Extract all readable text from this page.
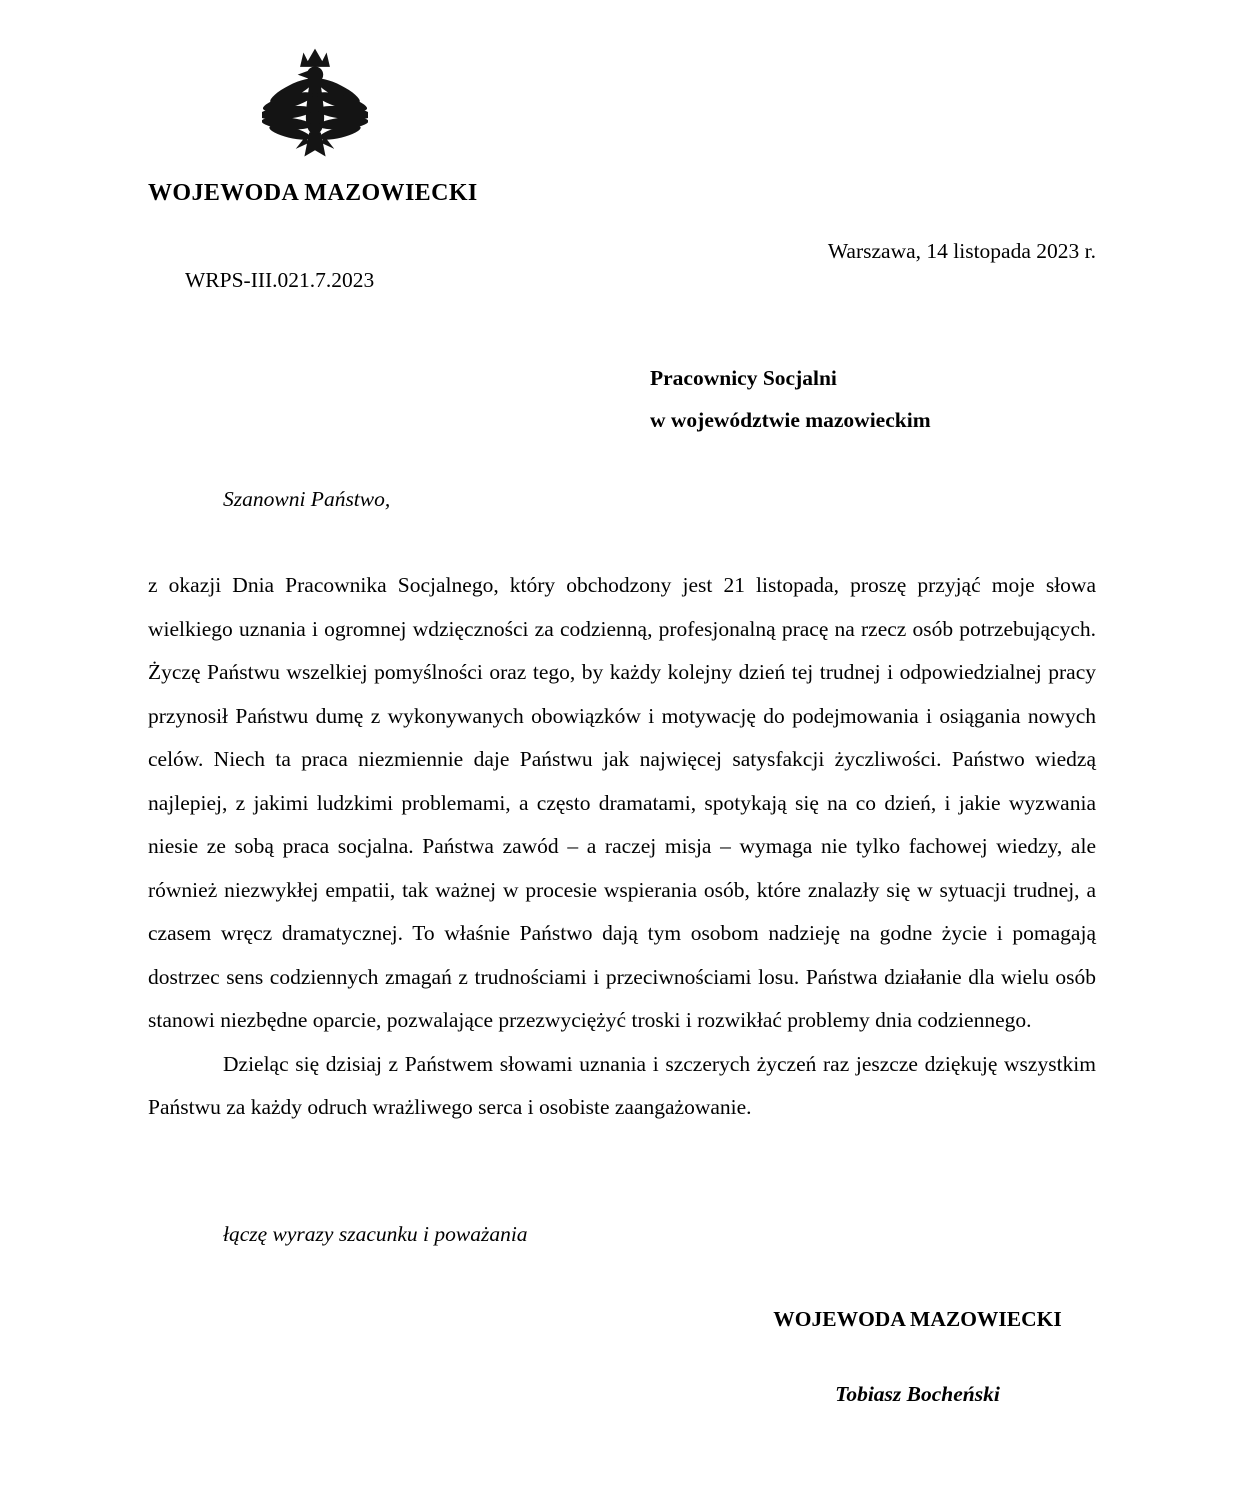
WOJEWODA MAZOWIECKI
Warszawa, 14 listopada 2023 r.
WRPS-III.021.7.2023
Pracownicy Socjalni
w województwie mazowieckim
Szanowni Państwo,

z okazji Dnia Pracownika Socjalnego, który obchodzony jest 21 listopada, proszę przyjąć moje słowa wielkiego uznania i ogromnej wdzięczności za codzienną, profesjonalną pracę na rzecz osób potrzebujących. Życzę Państwu wszelkiej pomyślności oraz tego, by każdy kolejny dzień tej trudnej i odpowiedzialnej pracy przynosił Państwu dumę z wykonywanych obowiązków i motywację do podejmowania i osiągania nowych celów. Niech ta praca niezmiennie daje Państwu jak najwięcej satysfakcji życzliwości. Państwo wiedzą najlepiej, z jakimi ludzkimi problemami, a często dramatami, spotykają się na co dzień, i jakie wyzwania niesie ze sobą praca socjalna. Państwa zawód – a raczej misja – wymaga nie tylko fachowej wiedzy, ale również niezwykłej empatii, tak ważnej w procesie wspierania osób, które znalazły się w sytuacji trudnej, a czasem wręcz dramatycznej. To właśnie Państwo dają tym osobom nadzieję na godne życie i pomagają dostrzec sens codziennych zmagań z trudnościami i przeciwnościami losu. Państwa działanie dla wielu osób stanowi niezbędne oparcie, pozwalające przezwyciężyć troski i rozwikłać problemy dnia codziennego.

Dzieląc się dzisiaj z Państwem słowami uznania i szczerych życzeń raz jeszcze dziękuję wszystkim Państwu za każdy odruch wrażliwego serca i osobiste zaangażowanie.

łączę wyrazy szacunku i poważania
WOJEWODA MAZOWIECKI
Tobiasz Bocheński
